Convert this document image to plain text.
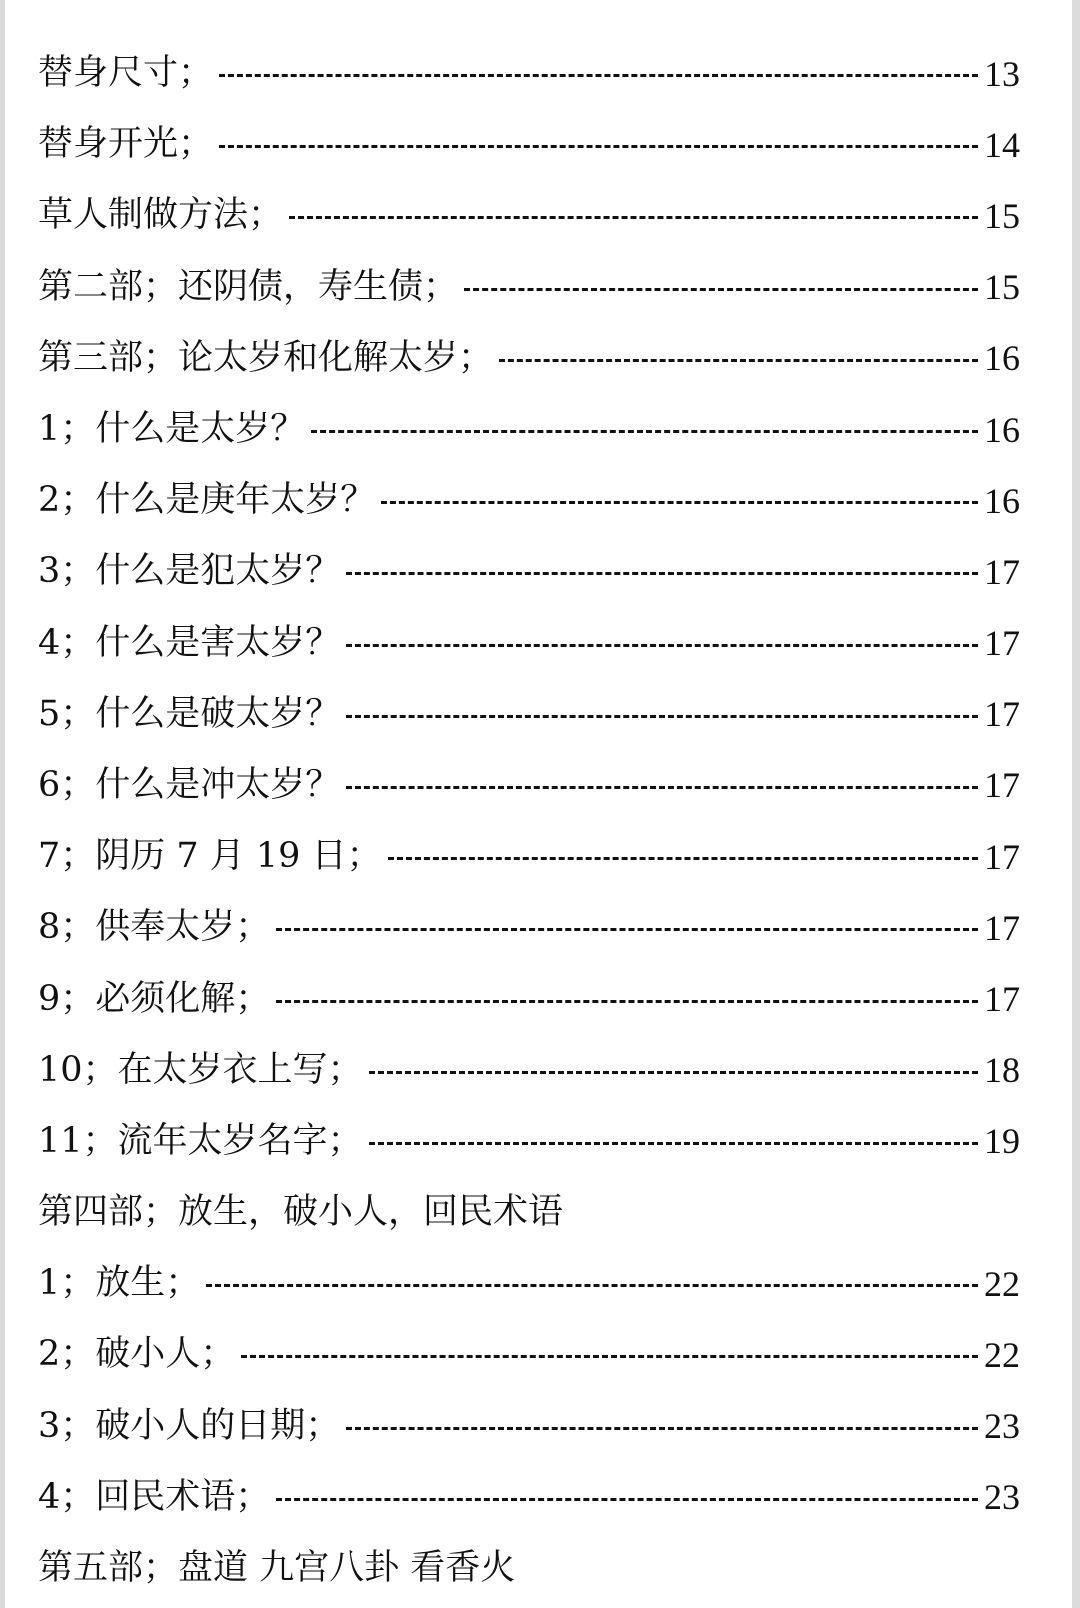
替身尺寸；	13
替身开光；	14
草人制做方法；	15
第二部；还阴债，寿生债；	15
第三部；论太岁和化解太岁；	16
1；什么是太岁？	16
2；什么是庚年太岁？	16
3；什么是犯太岁？	17
4；什么是害太岁？	17
5；什么是破太岁？	17
6；什么是冲太岁？	17
7；阴历 7 月 19 日；	17
8；供奉太岁；	17
9；必须化解；	17
10；在太岁衣上写；	18
11；流年太岁名字；	19
第四部；放生，破小人，回民术语
1；放生；	22
2；破小人；	22
3；破小人的日期；	23
4；回民术语；	23
第五部；盘道 九宫八卦 看香火
